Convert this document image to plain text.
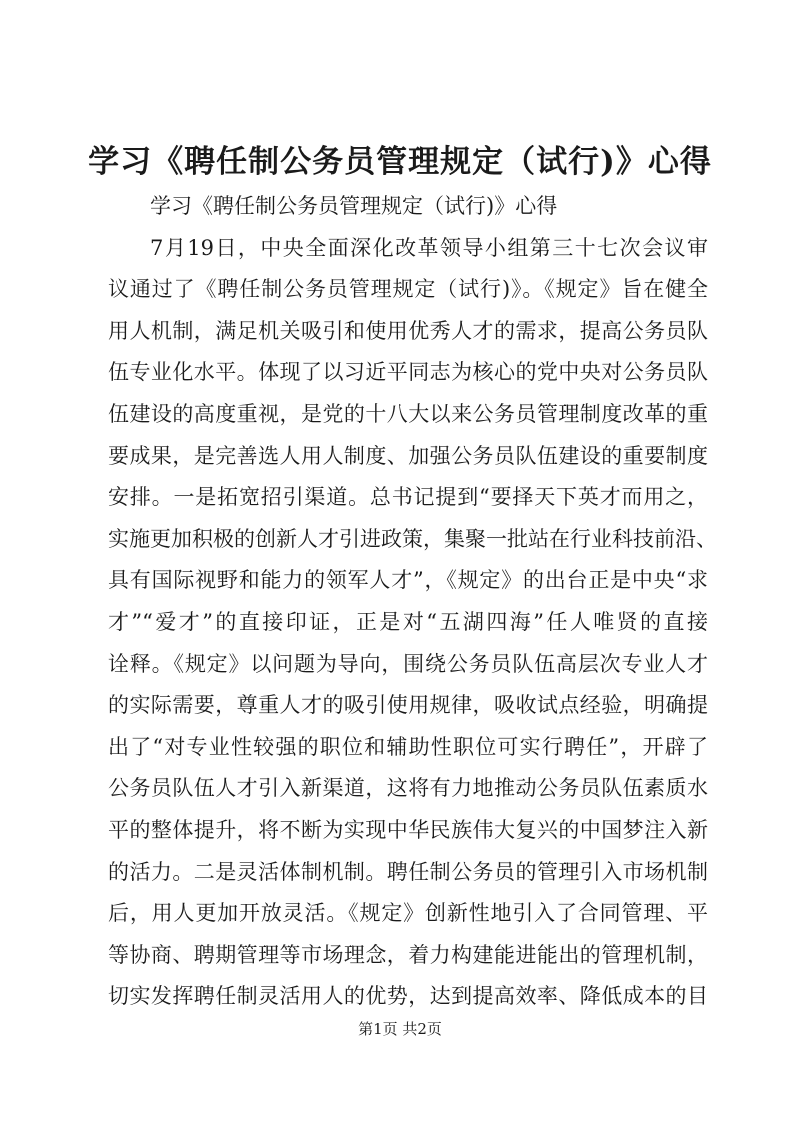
学习《聘任制公务员管理规定（试行)》心得
学习《聘任制公务员管理规定（试行)》心得
7月19日，中央全面深化改革领导小组第三十七次会议审
议通过了《聘任制公务员管理规定（试行)》。《规定》旨在健全
用人机制，满足机关吸引和使用优秀人才的需求，提高公务员队
伍专业化水平。体现了以习近平同志为核心的党中央对公务员队
伍建设的高度重视，是党的十八大以来公务员管理制度改革的重
要成果，是完善选人用人制度、加强公务员队伍建设的重要制度
安排。一是拓宽招引渠道。总书记提到“要择天下英才而用之，
实施更加积极的创新人才引进政策，集聚一批站在行业科技前沿、
具有国际视野和能力的领军人才”，《规定》的出台正是中央“求
才”“爱才”的直接印证，正是对“五湖四海”任人唯贤的直接
诠释。《规定》以问题为导向，围绕公务员队伍高层次专业人才
的实际需要，尊重人才的吸引使用规律，吸收试点经验，明确提
出了“对专业性较强的职位和辅助性职位可实行聘任”，开辟了
公务员队伍人才引入新渠道，这将有力地推动公务员队伍素质水
平的整体提升，将不断为实现中华民族伟大复兴的中国梦注入新
的活力。二是灵活体制机制。聘任制公务员的管理引入市场机制
后，用人更加开放灵活。《规定》创新性地引入了合同管理、平
等协商、聘期管理等市场理念，着力构建能进能出的管理机制，
切实发挥聘任制灵活用人的优势，达到提高效率、降低成本的目
第1页 共2页
